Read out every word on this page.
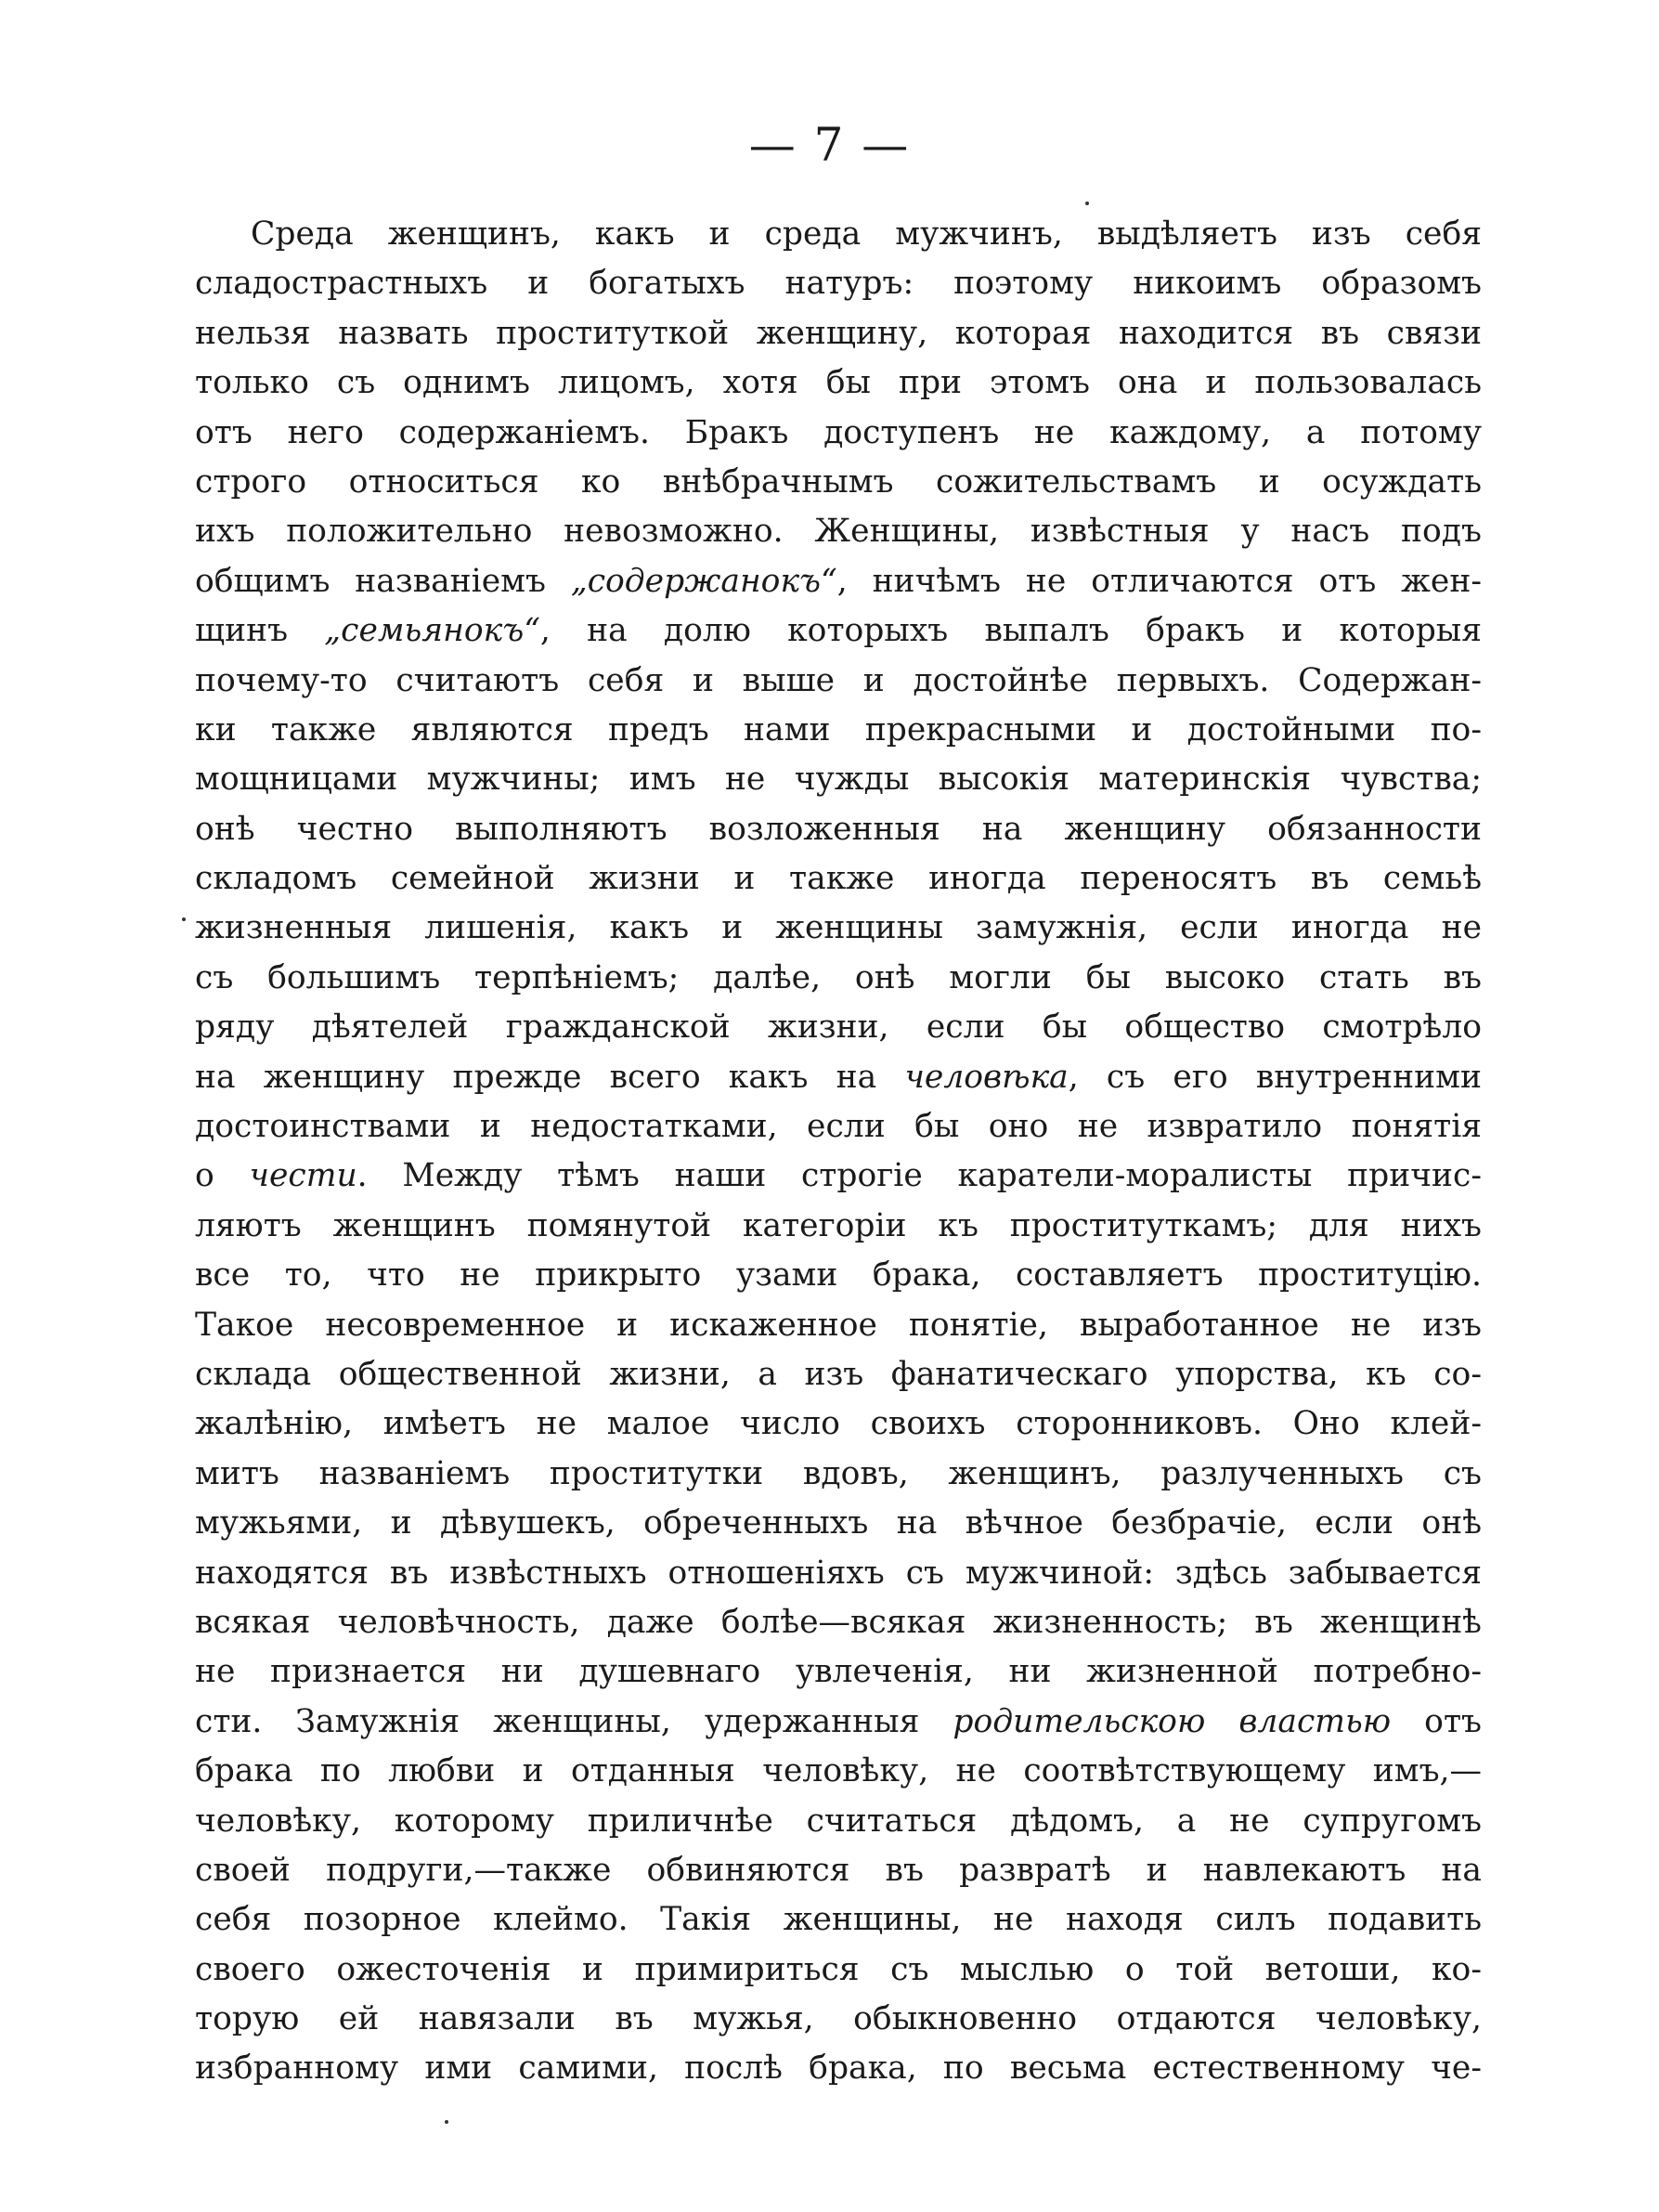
— 7 —
Среда женщинъ, какъ и среда мужчинъ, выдѣляетъ изъ себя
сладострастныхъ и богатыхъ натуръ: поэтому никоимъ образомъ
нельзя назвать проституткой женщину, которая находится въ связи
только съ однимъ лицомъ, хотя бы при этомъ она и пользовалась
отъ него содержаніемъ. Бракъ доступенъ не каждому, а потому
строго относиться ко внѣбрачнымъ сожительствамъ и осуждать
ихъ положительно невозможно. Женщины, извѣстныя у насъ подъ
общимъ названіемъ „содержанокъ“, ничѣмъ не отличаются отъ жен-
щинъ „семьянокъ“, на долю которыхъ выпалъ бракъ и которыя
почему-то считаютъ себя и выше и достойнѣе первыхъ. Содержан-
ки также являются предъ нами прекрасными и достойными по-
мощницами мужчины; имъ не чужды высокія материнскія чувства;
онѣ честно выполняютъ возложенныя на женщину обязанности
складомъ семейной жизни и также иногда переносятъ въ семьѣ
жизненныя лишенія, какъ и женщины замужнія, если иногда не
съ большимъ терпѣніемъ; далѣе, онѣ могли бы высоко стать въ
ряду дѣятелей гражданской жизни, если бы общество смотрѣло
на женщину прежде всего какъ на человѣка, съ его внутренними
достоинствами и недостатками, если бы оно не извратило понятія
о чести. Между тѣмъ наши строгіе каратели-моралисты причис-
ляютъ женщинъ помянутой категоріи къ проституткамъ; для нихъ
все то, что не прикрыто узами брака, составляетъ проституцію.
Такое несовременное и искаженное понятіе, выработанное не изъ
склада общественной жизни, а изъ фанатическаго упорства, къ со-
жалѣнію, имѣетъ не малое число своихъ сторонниковъ. Оно клей-
митъ названіемъ проститутки вдовъ, женщинъ, разлученныхъ съ
мужьями, и дѣвушекъ, обреченныхъ на вѣчное безбрачіе, если онѣ
находятся въ извѣстныхъ отношеніяхъ съ мужчиной: здѣсь забывается
всякая человѣчность, даже болѣе—всякая жизненность; въ женщинѣ
не признается ни душевнаго увлеченія, ни жизненной потребно-
сти. Замужнія женщины, удержанныя родительскою властью отъ
брака по любви и отданныя человѣку, не соотвѣтствующему имъ,—
человѣку, которому приличнѣе считаться дѣдомъ, а не супругомъ
своей подруги,—также обвиняются въ развратѣ и навлекаютъ на
себя позорное клеймо. Такія женщины, не находя силъ подавить
своего ожесточенія и примириться съ мыслью о той ветоши, ко-
торую ей навязали въ мужья, обыкновенно отдаются человѣку,
избранному ими самими, послѣ брака, по весьма естественному че-
